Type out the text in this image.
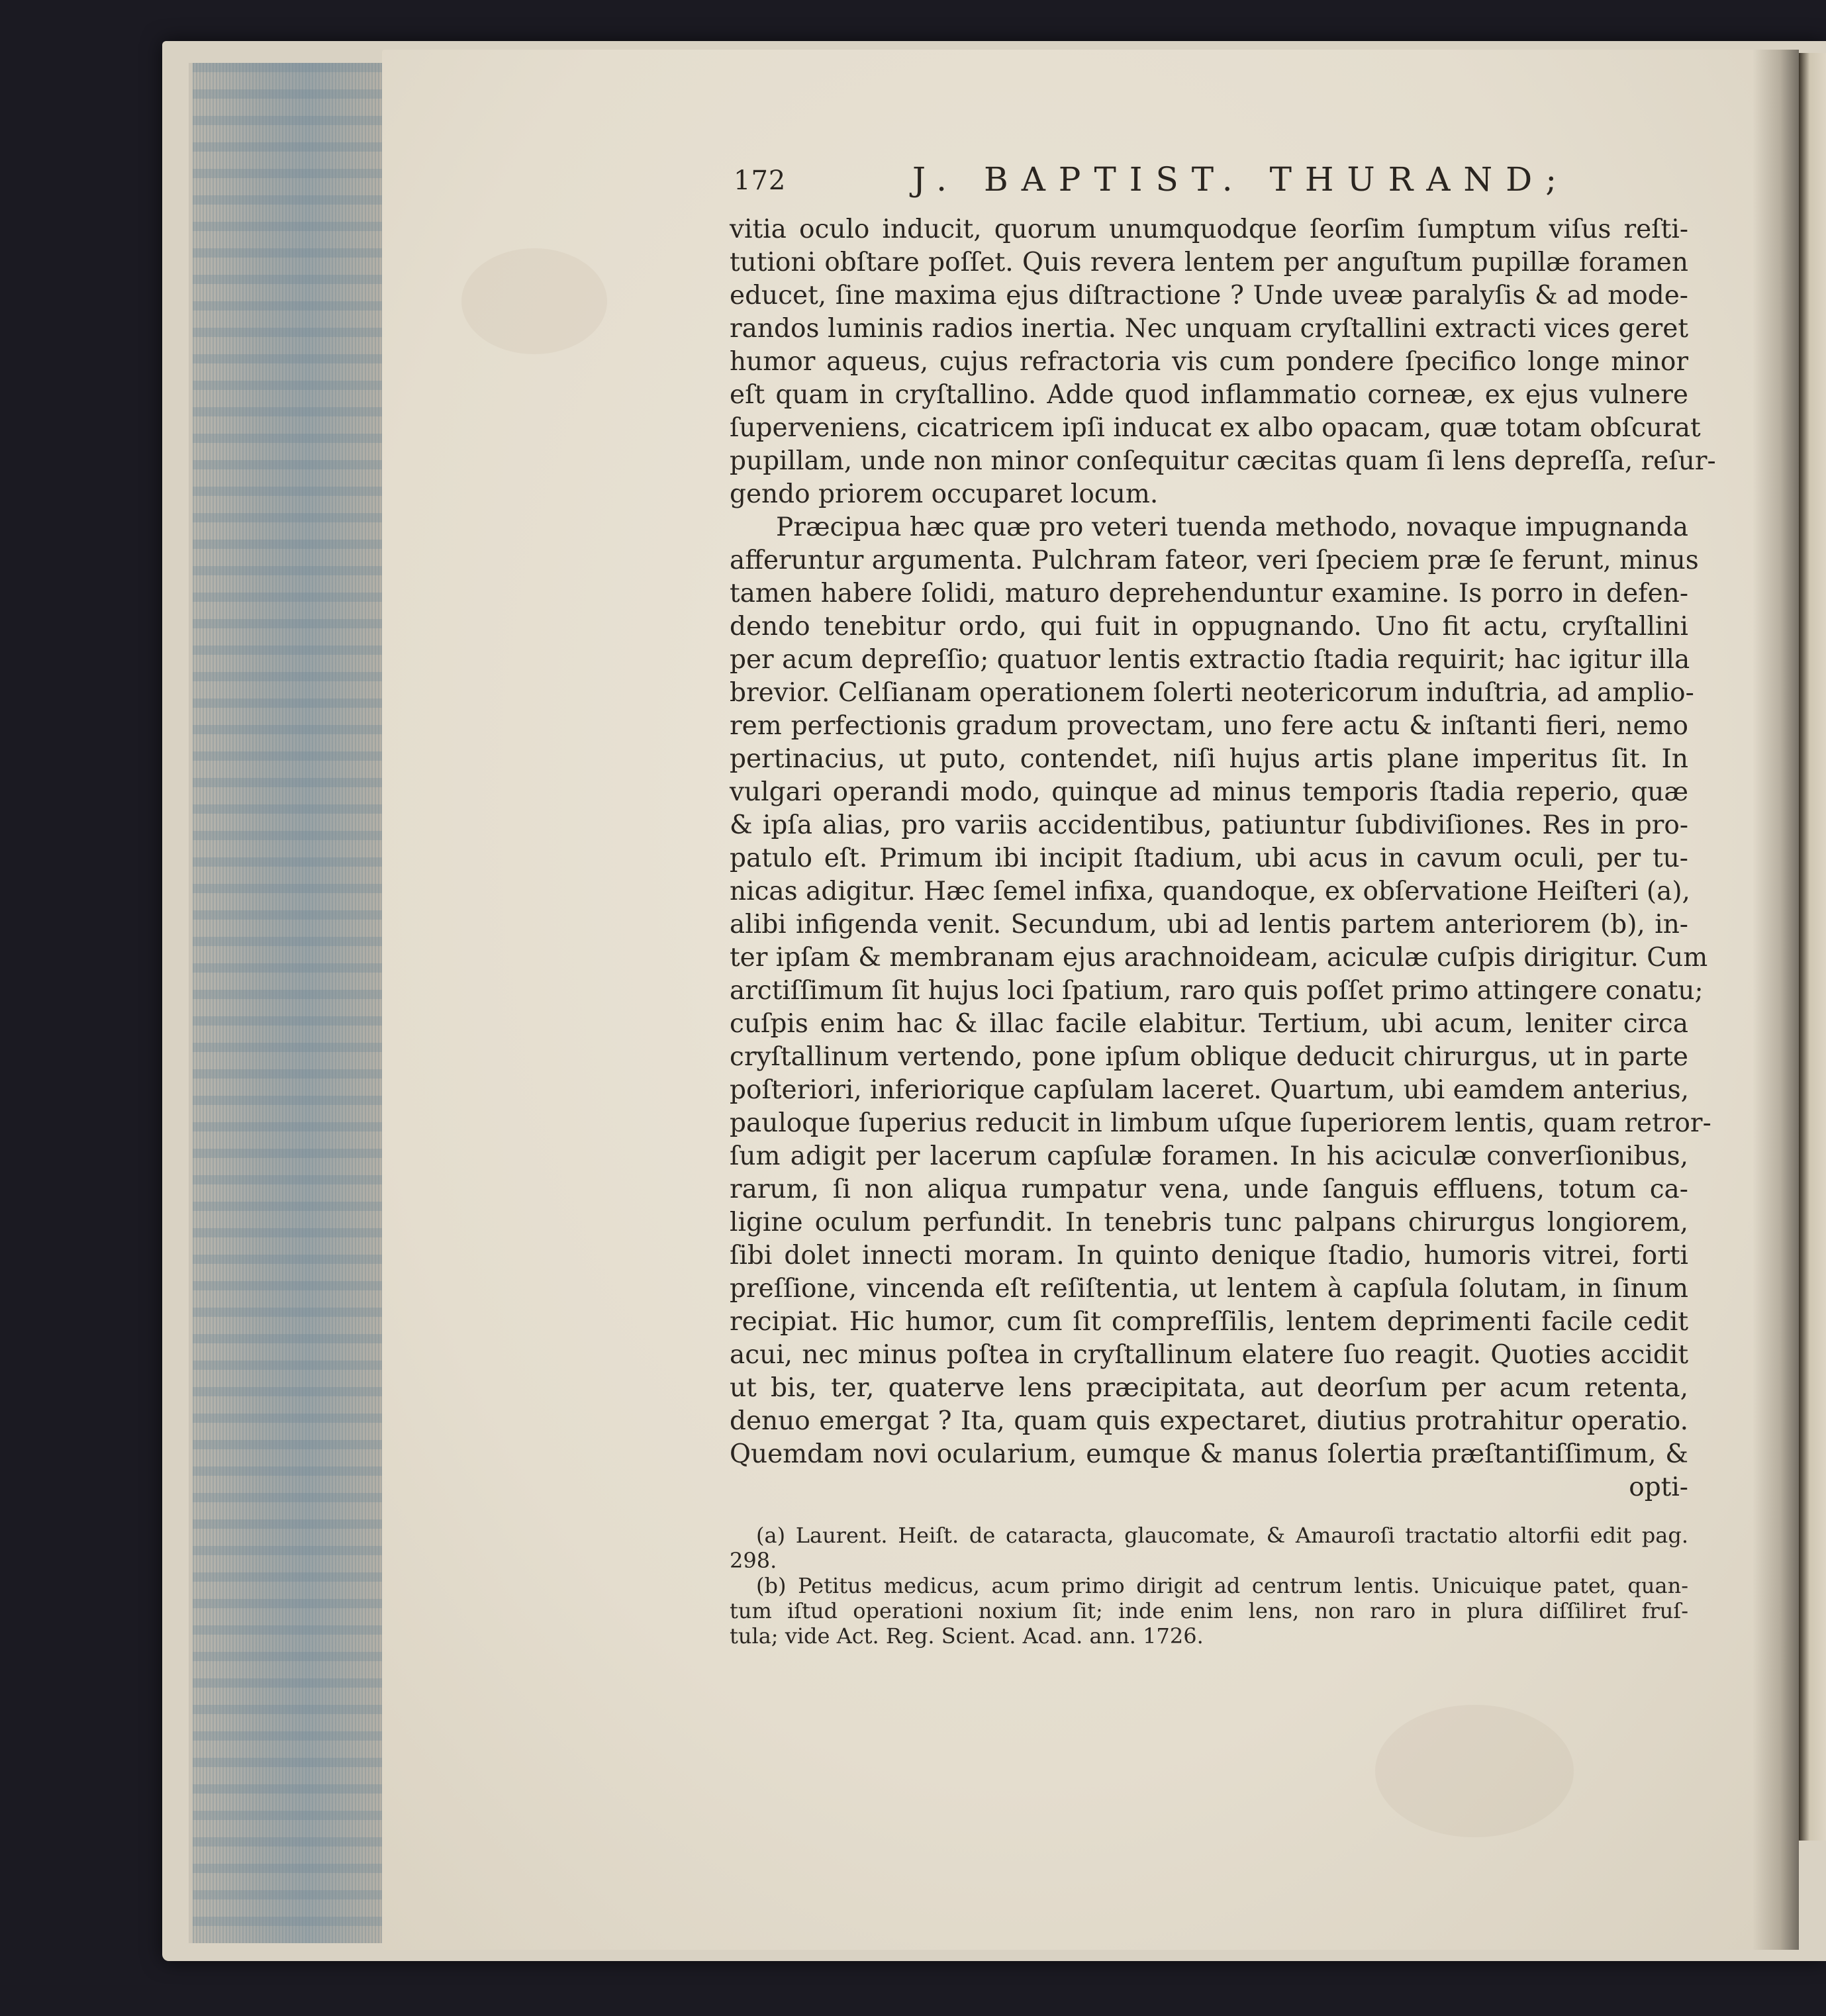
172	J. BAPTIST. THURAND;
vitia oculo inducit, quorum unumquodque ſeorſim ſumptum viſus reſti-
tutioni obſtare poſſet. Quis revera lentem per anguſtum pupillæ foramen
educet, ſine maxima ejus diſtractione ? Unde uveæ paralyſis & ad mode-
randos luminis radios inertia. Nec unquam cryſtallini extracti vices geret
humor aqueus, cujus refractoria vis cum pondere ſpecifico longe minor
eſt quam in cryſtallino. Adde quod inflammatio corneæ, ex ejus vulnere
ſuperveniens, cicatricem ipſi inducat ex albo opacam, quæ totam obſcurat
pupillam, unde non minor conſequitur cæcitas quam ſi lens depreſſa, reſur-
gendo priorem occuparet locum.
Præcipua hæc quæ pro veteri tuenda methodo, novaque impugnanda
afferuntur argumenta. Pulchram fateor, veri ſpeciem præ ſe ferunt, minus
tamen habere ſolidi, maturo deprehenduntur examine. Is porro in defen-
dendo tenebitur ordo, qui fuit in oppugnando. Uno fit actu, cryſtallini
per acum depreſſio; quatuor lentis extractio ſtadia requirit; hac igitur illa
brevior. Celſianam operationem ſolerti neotericorum induſtria, ad amplio-
rem perfectionis gradum provectam, uno fere actu & inſtanti fieri, nemo
pertinacius, ut puto, contendet, niſi hujus artis plane imperitus ſit. In
vulgari operandi modo, quinque ad minus temporis ſtadia reperio, quæ
& ipſa alias, pro variis accidentibus, patiuntur ſubdiviſiones. Res in pro-
patulo eſt. Primum ibi incipit ſtadium, ubi acus in cavum oculi, per tu-
nicas adigitur. Hæc ſemel infixa, quandoque, ex obſervatione Heiſteri (a),
alibi infigenda venit. Secundum, ubi ad lentis partem anteriorem (b), in-
ter ipſam & membranam ejus arachnoideam, aciculæ cuſpis dirigitur. Cum
arctiſſimum ſit hujus loci ſpatium, raro quis poſſet primo attingere conatu;
cuſpis enim hac & illac facile elabitur. Tertium, ubi acum, leniter circa
cryſtallinum vertendo, pone ipſum oblique deducit chirurgus, ut in parte
poſteriori, inferiorique capſulam laceret. Quartum, ubi eamdem anterius,
pauloque ſuperius reducit in limbum uſque ſuperiorem lentis, quam retror-
ſum adigit per lacerum capſulæ foramen. In his aciculæ converſionibus,
rarum, ſi non aliqua rumpatur vena, unde ſanguis effluens, totum ca-
ligine oculum perfundit. In tenebris tunc palpans chirurgus longiorem,
ſibi dolet innecti moram. In quinto denique ſtadio, humoris vitrei, forti
preſſione, vincenda eſt reſiſtentia, ut lentem à capſula ſolutam, in ſinum
recipiat. Hic humor, cum ſit compreſſilis, lentem deprimenti facile cedit
acui, nec minus poſtea in cryſtallinum elatere ſuo reagit. Quoties accidit
ut bis, ter, quaterve lens præcipitata, aut deorſum per acum retenta,
denuo emergat ? Ita, quam quis expectaret, diutius protrahitur operatio.
Quemdam novi ocularium, eumque & manus ſolertia præſtantiſſimum, &
opti-
(a) Laurent. Heiſt. de cataracta, glaucomate, & Amauroſi tractatio altorfii edit pag.
298.
(b) Petitus medicus, acum primo dirigit ad centrum lentis. Unicuique patet, quan-
tum iſtud operationi noxium ſit; inde enim lens, non raro in plura diſſiliret fruſ-
tula; vide Act. Reg. Scient. Acad. ann. 1726.
